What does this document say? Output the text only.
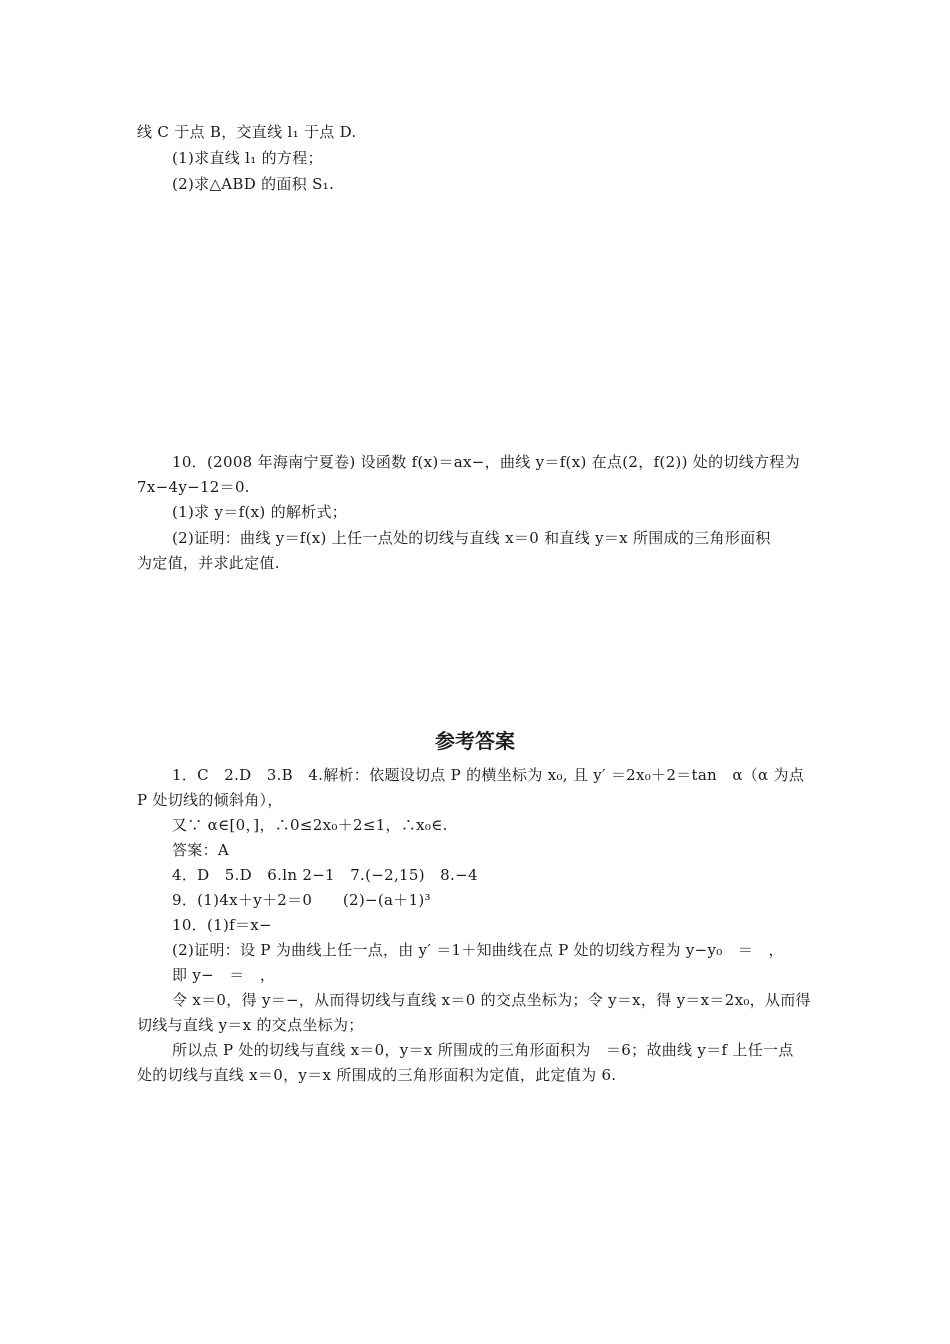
线 C 于点 B，交直线 l₁ 于点 D.
(1)求直线 l₁ 的方程；
(2)求△ABD 的面积 S₁.
10．(2008 年海南宁夏卷) 设函数 f(x)＝ax−，曲线 y＝f(x) 在点(2，f(2)) 处的切线方程为
7x−4y−12＝0.
(1)求 y＝f(x) 的解析式；
(2)证明：曲线 y＝f(x) 上任一点处的切线与直线 x＝0 和直线 y＝x 所围成的三角形面积
为定值，并求此定值.
参考答案
1．C　2.D　3.B　4.解析：依题设切点 P 的横坐标为 x₀, 且 y′ ＝2x₀＋2＝tan　α（α 为点
P 处切线的倾斜角），
又∵ α∈[0，]，∴0≤2x₀＋2≤1，∴x₀∈.
答案：A
4．D　5.D　6.ln 2−1　7.(−2,15)　8.−4
9．(1)4x＋y＋2＝0　　(2)−(a＋1)³
10．(1)f＝x−
(2)证明：设 P 为曲线上任一点，由 y′ ＝1＋知曲线在点 P 处的切线方程为 y−y₀　＝　，
即 y−　＝　，
令 x＝0，得 y＝−，从而得切线与直线 x＝0 的交点坐标为；令 y＝x，得 y＝x＝2x₀，从而得
切线与直线 y＝x 的交点坐标为；
所以点 P 处的切线与直线 x＝0，y＝x 所围成的三角形面积为　＝6；故曲线 y＝f 上任一点
处的切线与直线 x＝0，y＝x 所围成的三角形面积为定值，此定值为 6.
